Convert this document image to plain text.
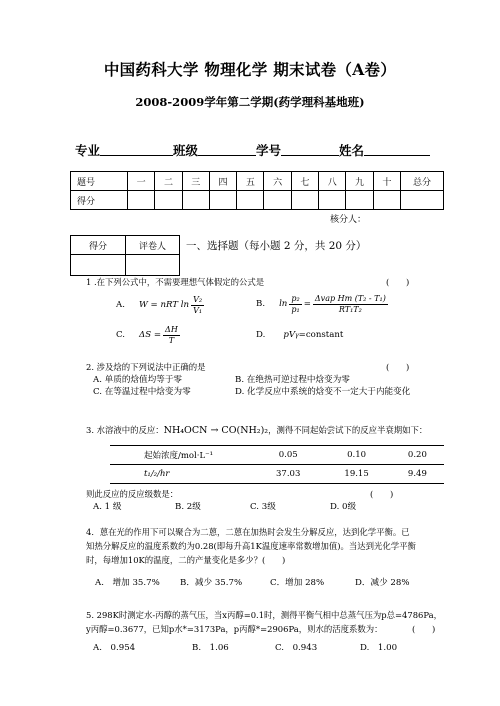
中国药科大学 物理化学 期末试卷（A卷）
2008-2009学年第二学期(药学理科基地班)
专业	班级	学号	姓名
题号	一	二	三	四	五	六	七	八	九	十	总分
得分											
核分人：
得分	评卷人
	一、选择题（每小题 2 分，共 20 分）
1 .在下列公式中，不需要理想气体假定的公式是	(　　)
A. W = nRT $\ln \frac{\text{V₂}}{\text{V₁}}$	B. $\ln \frac{\text{p₂}}{\text{p₁}} = \frac{\text{Δvap Hm (T₂ - T₁)}}{\text{RT₁T₂}}$
C. $\Delta S = \frac{\Delta H}{T}$	D. pV γ =constant
2. 涉及焓的下列说法中正确的是	(　　)
A. 单质的焓值均等于零	B. 在绝热可逆过程中焓变为零
C. 在等温过程中焓变为零	D. 化学反应中系统的焓变不一定大于内能变化
3. 水溶液中的反应：NH₄OCN → CO(NH₂)₂，测得不同起始尝试下的反应半衰期如下：
起始浓度/mol·L⁻¹	0.05	0.10	0.20
t₁/₂/hr	37.03	19.15	9.49
则此反应的反应级数是：	(　　)
A. 1 级	B. 2级	C. 3级	D. 0级
4．蒽在光的作用下可以聚合为二蒽，二蒽在加热时会发生分解反应，达到化学平衡。已
知热分解反应的温度系数约为0.28(即每升高1K温度速率常数增加值)。当达到光化学平衡
时，每增加10K的温度，二的产量变化是多少？(　　)
A.　增加 35.7% B．减少 35.7%	C．增加 28%	D．减少 28%
5. 298K时测定水-丙醇的蒸气压，当x丙醇=0.1时，测得平衡气相中总蒸气压为p总=4786Pa，
y丙醇=0.3677，已知p水*=3173Pa，p丙醇*=2906Pa，则水的活度系数为：	(　　)
A.　0.954	B.　1.06	C.　0.943	D.　1.00
